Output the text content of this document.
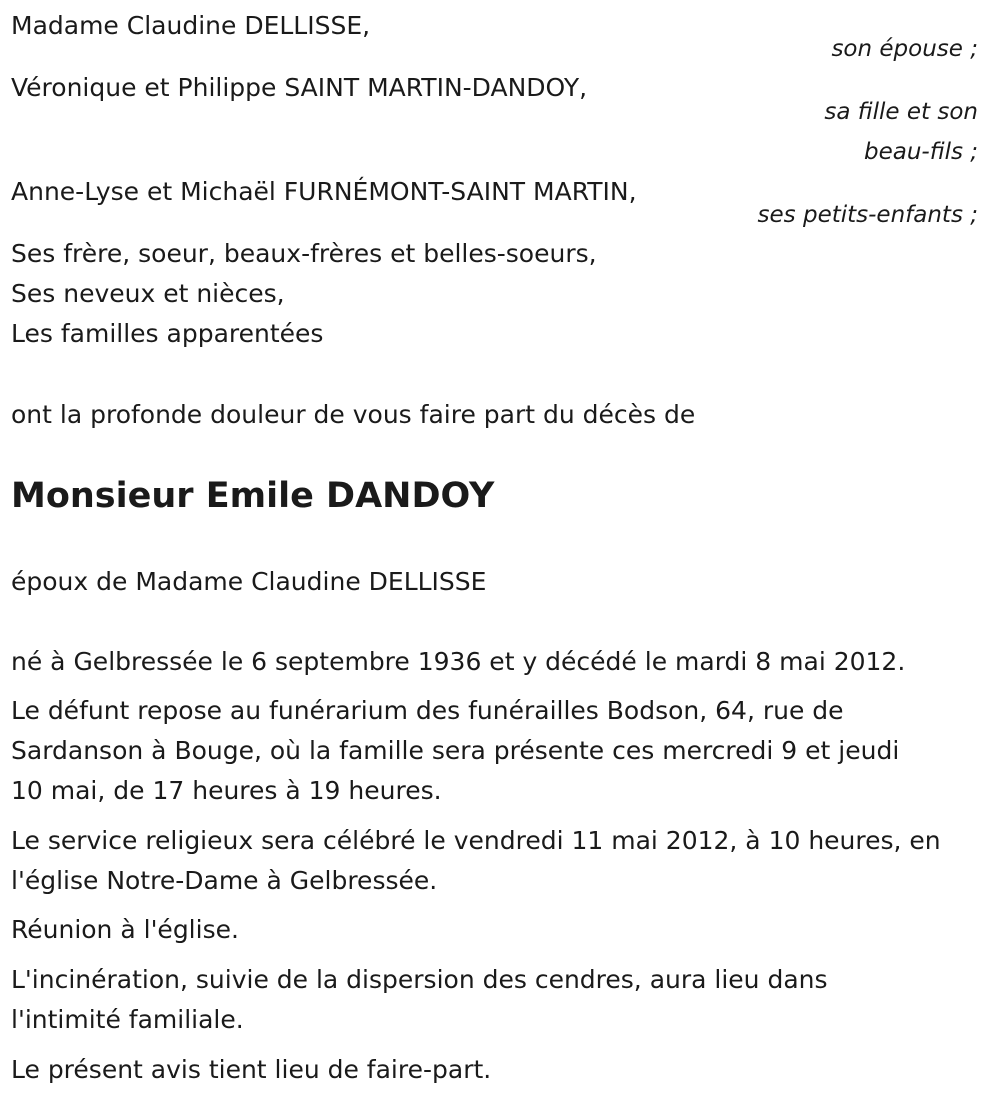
Madame Claudine DELLISSE,
son épouse ;
Véronique et Philippe SAINT MARTIN-DANDOY,
sa fille et son
beau-fils ;
Anne-Lyse et Michaël FURNÉMONT-SAINT MARTIN,
ses petits-enfants ;
Ses frère, soeur, beaux-frères et belles-soeurs,
Ses neveux et nièces,
Les familles apparentées
ont la profonde douleur de vous faire part du décès de
Monsieur Emile DANDOY
époux de Madame Claudine DELLISSE
né à Gelbressée le 6 septembre 1936 et y décédé le mardi 8 mai 2012.
Le défunt repose au funérarium des funérailles Bodson, 64, rue de
Sardanson à Bouge, où la famille sera présente ces mercredi 9 et jeudi
10 mai, de 17 heures à 19 heures.
Le service religieux sera célébré le vendredi 11 mai 2012, à 10 heures, en
l'église Notre-Dame à Gelbressée.
Réunion à l'église.
L'incinération, suivie de la dispersion des cendres, aura lieu dans
l'intimité familiale.
Le présent avis tient lieu de faire-part.
